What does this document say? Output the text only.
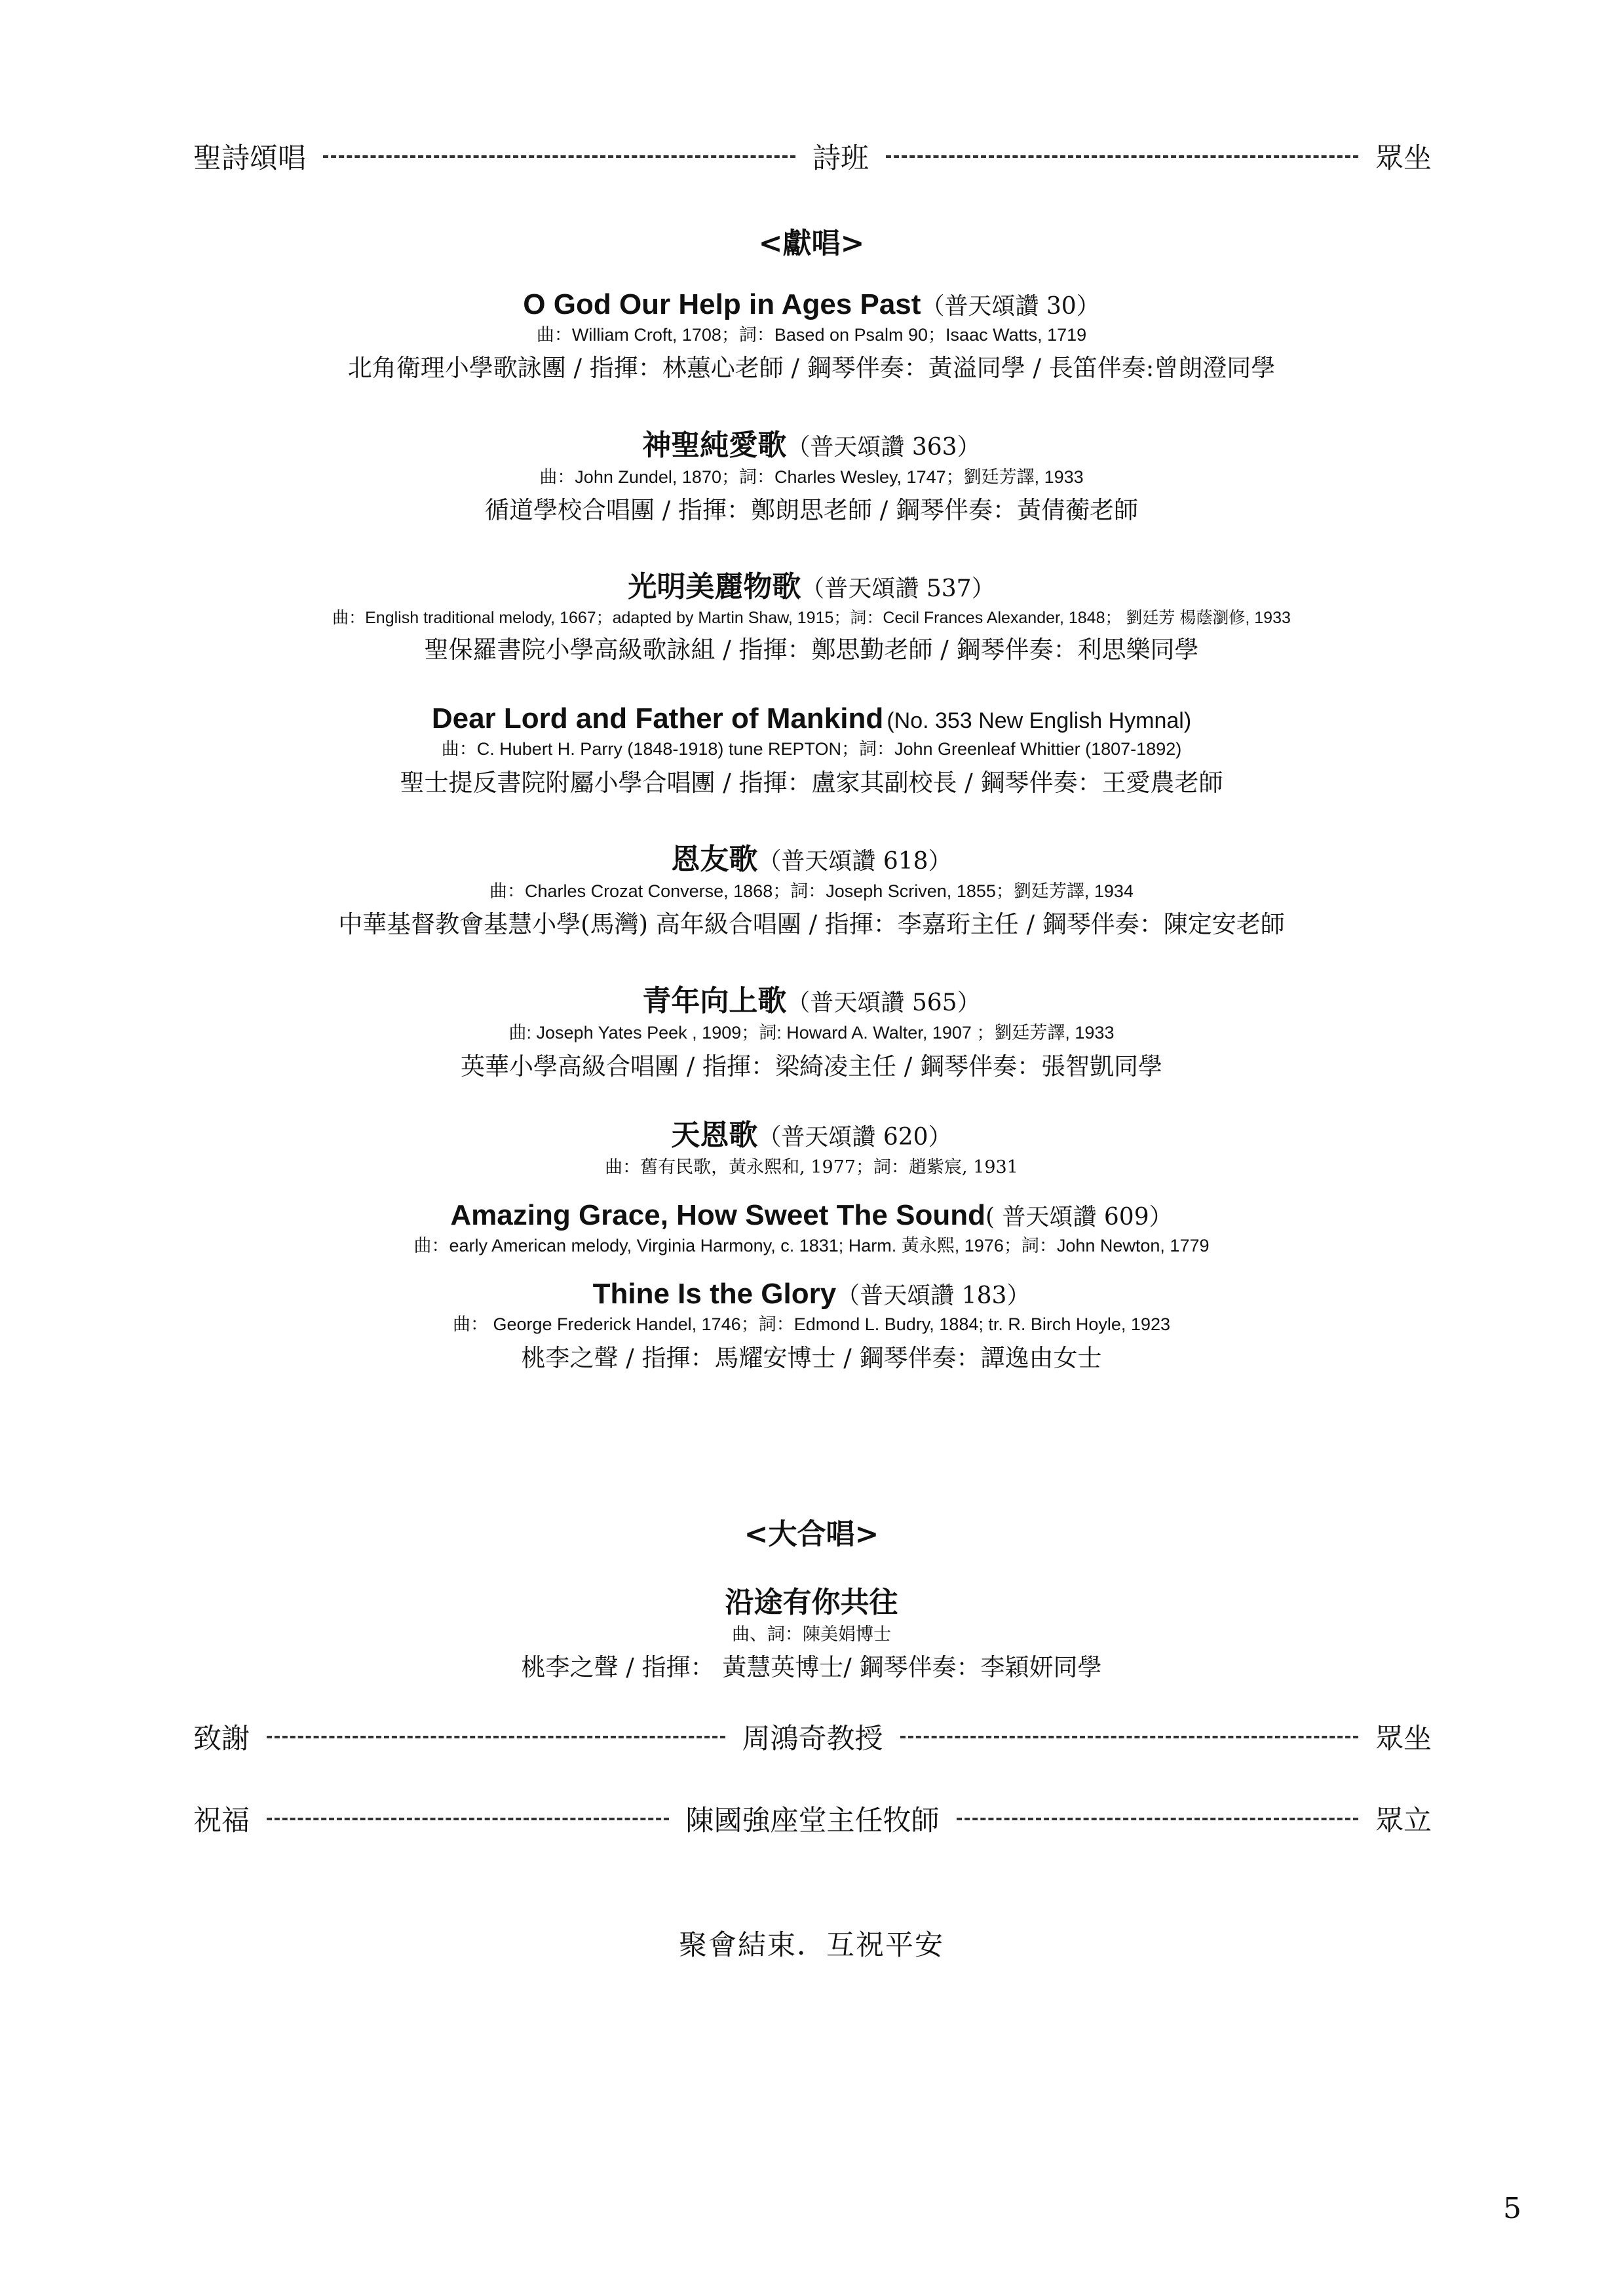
聖詩頌唱	詩班	眾坐
<獻唱>
O God Our Help in Ages Past（普天頌讚 30）
曲：William Croft, 1708；詞：Based on Psalm 90；Isaac Watts, 1719
北角衛理小學歌詠團 / 指揮：林蕙心老師 / 鋼琴伴奏：黃溢同學 / 長笛伴奏:曾朗澄同學
神聖純愛歌（普天頌讚 363）
曲：John Zundel, 1870；詞：Charles Wesley, 1747；劉廷芳譯, 1933
循道學校合唱團 / 指揮：鄭朗思老師 / 鋼琴伴奏：黃倩蘅老師
光明美麗物歌（普天頌讚 537）
曲：English traditional melody, 1667；adapted by Martin Shaw, 1915；詞：Cecil Frances Alexander, 1848； 劉廷芳 楊蔭瀏修, 1933
聖保羅書院小學高級歌詠組 / 指揮：鄭思勤老師 / 鋼琴伴奏：利思樂同學
Dear Lord and Father of Mankind (No. 353 New English Hymnal)
曲：C. Hubert H. Parry (1848-1918) tune REPTON；詞：John Greenleaf Whittier (1807-1892)
聖士提反書院附屬小學合唱團 / 指揮：盧家其副校長 / 鋼琴伴奏：王愛農老師
恩友歌（普天頌讚 618）
曲：Charles Crozat Converse, 1868；詞：Joseph Scriven, 1855；劉廷芳譯, 1934
中華基督教會基慧小學(馬灣) 高年級合唱團 / 指揮：李嘉珩主任 / 鋼琴伴奏：陳定安老師
青年向上歌（普天頌讚 565）
曲: Joseph Yates Peek , 1909；詞: Howard A. Walter, 1907 ；劉廷芳譯, 1933
英華小學高級合唱團 / 指揮：梁綺凌主任 / 鋼琴伴奏：張智凱同學
天恩歌（普天頌讚 620）
曲：舊有民歌，黃永熙和, 1977；詞：趙紫宸, 1931
Amazing Grace, How Sweet The Sound( 普天頌讚 609）
曲：early American melody, Virginia Harmony, c. 1831; Harm. 黃永熙, 1976；詞：John Newton, 1779
Thine Is the Glory（普天頌讚 183）
曲： George Frederick Handel, 1746；詞：Edmond L. Budry, 1884; tr. R. Birch Hoyle, 1923
桃李之聲 / 指揮：馬耀安博士 / 鋼琴伴奏：譚逸由女士
<大合唱>
沿途有你共往
曲、詞：陳美娟博士
桃李之聲 / 指揮： 黃慧英博士/ 鋼琴伴奏：李穎妍同學
致謝	周鴻奇教授	眾坐
祝福	陳國強座堂主任牧師	眾立
聚會結束．互祝平安
5
